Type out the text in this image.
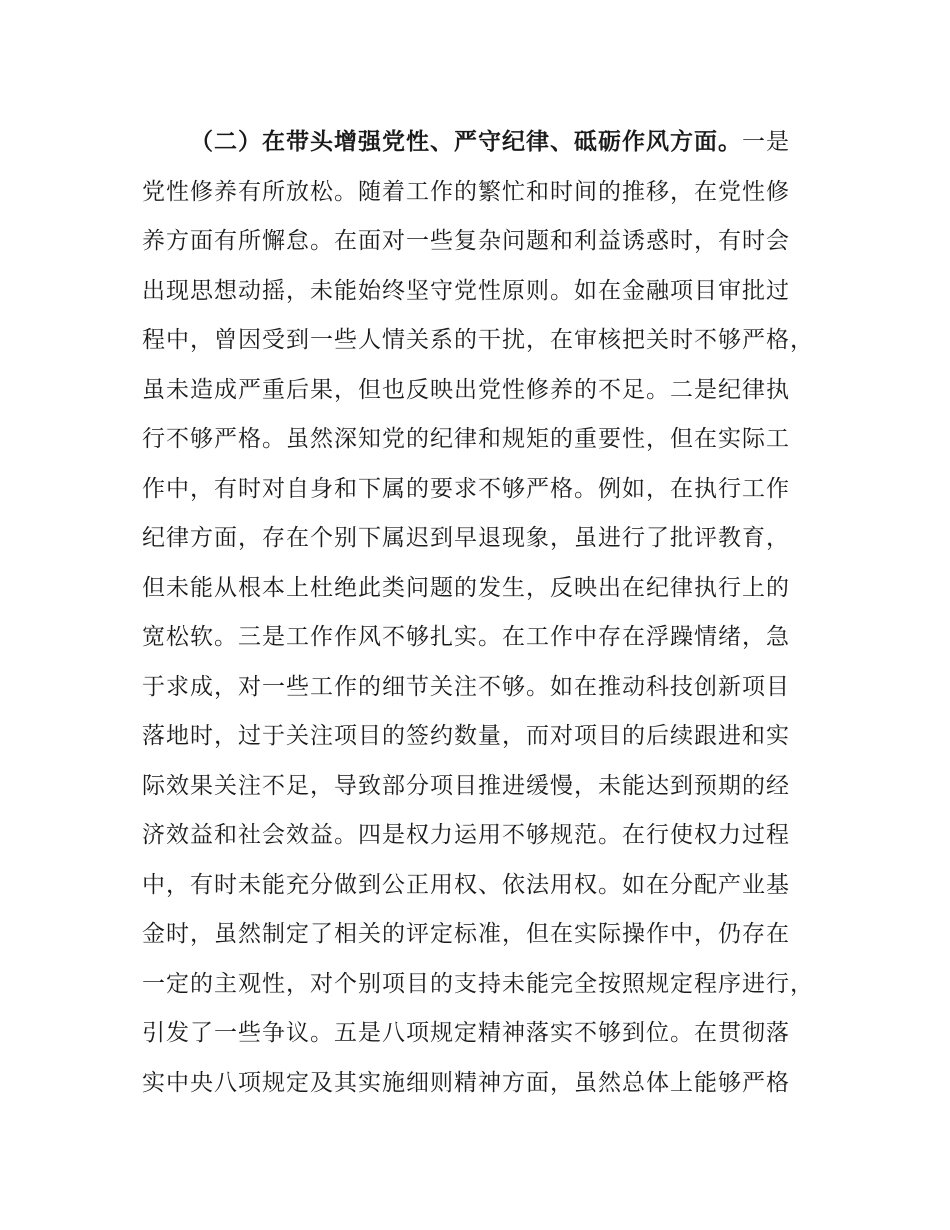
（二）在带头增强党性、严守纪律、砥砺作风方面。一是
党性修养有所放松。随着工作的繁忙和时间的推移，在党性修
养方面有所懈怠。在面对一些复杂问题和利益诱惑时，有时会
出现思想动摇，未能始终坚守党性原则。如在金融项目审批过
程中，曾因受到一些人情关系的干扰，在审核把关时不够严格，
虽未造成严重后果，但也反映出党性修养的不足。二是纪律执
行不够严格。虽然深知党的纪律和规矩的重要性，但在实际工
作中，有时对自身和下属的要求不够严格。例如，在执行工作
纪律方面，存在个别下属迟到早退现象，虽进行了批评教育，
但未能从根本上杜绝此类问题的发生，反映出在纪律执行上的
宽松软。三是工作作风不够扎实。在工作中存在浮躁情绪，急
于求成，对一些工作的细节关注不够。如在推动科技创新项目
落地时，过于关注项目的签约数量，而对项目的后续跟进和实
际效果关注不足，导致部分项目推进缓慢，未能达到预期的经
济效益和社会效益。四是权力运用不够规范。在行使权力过程
中，有时未能充分做到公正用权、依法用权。如在分配产业基
金时，虽然制定了相关的评定标准，但在实际操作中，仍存在
一定的主观性，对个别项目的支持未能完全按照规定程序进行，
引发了一些争议。五是八项规定精神落实不够到位。在贯彻落
实中央八项规定及其实施细则精神方面，虽然总体上能够严格
